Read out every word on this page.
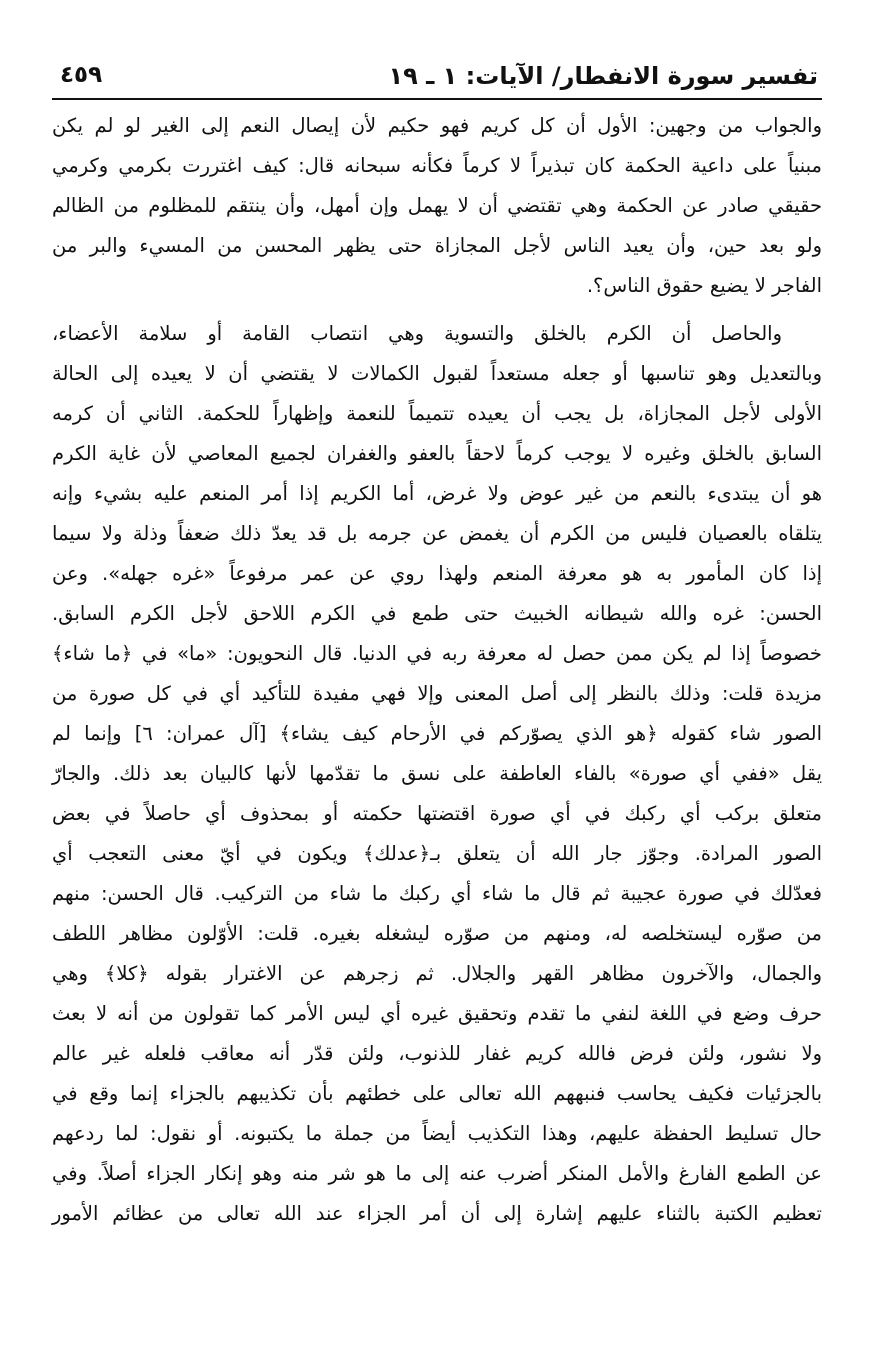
تفسير سورة الانفطار/ الآيات: ١ ـ ١٩
٤٥٩

والجواب من وجهين: الأول أن كل كريم فهو حكيم لأن إيصال النعم إلى الغير لو لم يكن
مبنياً على داعية الحكمة كان تبذيراً لا كرماً فكأنه سبحانه قال: كيف اغتررت بكرمي وكرمي
حقيقي صادر عن الحكمة وهي تقتضي أن لا يهمل وإن أمهل، وأن ينتقم للمظلوم من الظالم
ولو بعد حين، وأن يعيد الناس لأجل المجازاة حتى يظهر المحسن من المسيء والبر من
الفاجر لا يضيع حقوق الناس؟.

والحاصل أن الكرم بالخلق والتسوية وهي انتصاب القامة أو سلامة الأعضاء،
وبالتعديل وهو تناسبها أو جعله مستعداً لقبول الكمالات لا يقتضي أن لا يعيده إلى الحالة
الأولى لأجل المجازاة، بل يجب أن يعيده تتميماً للنعمة وإظهاراً للحكمة. الثاني أن كرمه
السابق بالخلق وغيره لا يوجب كرماً لاحقاً بالعفو والغفران لجميع المعاصي لأن غاية الكرم
هو أن يبتدىء بالنعم من غير عوض ولا غرض، أما الكريم إذا أمر المنعم عليه بشيء وإنه
يتلقاه بالعصيان فليس من الكرم أن يغمض عن جرمه بل قد يعدّ ذلك ضعفاً وذلة ولا سيما
إذا كان المأمور به هو معرفة المنعم ولهذا روي عن عمر مرفوعاً «غره جهله». وعن
الحسن: غره والله شيطانه الخبيث حتى طمع في الكرم اللاحق لأجل الكرم السابق.
خصوصاً إذا لم يكن ممن حصل له معرفة ربه في الدنيا. قال النحويون: «ما» في ﴿ما شاء﴾
مزيدة قلت: وذلك بالنظر إلى أصل المعنى وإلا فهي مفيدة للتأكيد أي في كل صورة من
الصور شاء كقوله ﴿هو الذي يصوّركم في الأرحام كيف يشاء﴾ [آل عمران: ٦] وإنما لم
يقل «ففي أي صورة» بالفاء العاطفة على نسق ما تقدّمها لأنها كالبيان بعد ذلك. والجارّ
متعلق بركب أي ركبك في أي صورة اقتضتها حكمته أو بمحذوف أي حاصلاً في بعض
الصور المرادة. وجوّز جار الله أن يتعلق بـ﴿عدلك﴾ ويكون في أيّ معنى التعجب أي
فعدّلك في صورة عجيبة ثم قال ما شاء أي ركبك ما شاء من التركيب. قال الحسن: منهم
من صوّره ليستخلصه له، ومنهم من صوّره ليشغله بغيره. قلت: الأوّلون مظاهر اللطف
والجمال، والآخرون مظاهر القهر والجلال. ثم زجرهم عن الاغترار بقوله ﴿كلا﴾ وهي
حرف وضع في اللغة لنفي ما تقدم وتحقيق غيره أي ليس الأمر كما تقولون من أنه لا بعث
ولا نشور، ولئن فرض فالله كريم غفار للذنوب، ولئن قدّر أنه معاقب فلعله غير عالم
بالجزئيات فكيف يحاسب فنبههم الله تعالى على خطئهم بأن تكذيبهم بالجزاء إنما وقع في
حال تسليط الحفظة عليهم، وهذا التكذيب أيضاً من جملة ما يكتبونه. أو نقول: لما ردعهم
عن الطمع الفارغ والأمل المنكر أضرب عنه إلى ما هو شر منه وهو إنكار الجزاء أصلاً. وفي
تعظيم الكتبة بالثناء عليهم إشارة إلى أن أمر الجزاء عند الله تعالى من عظائم الأمور
